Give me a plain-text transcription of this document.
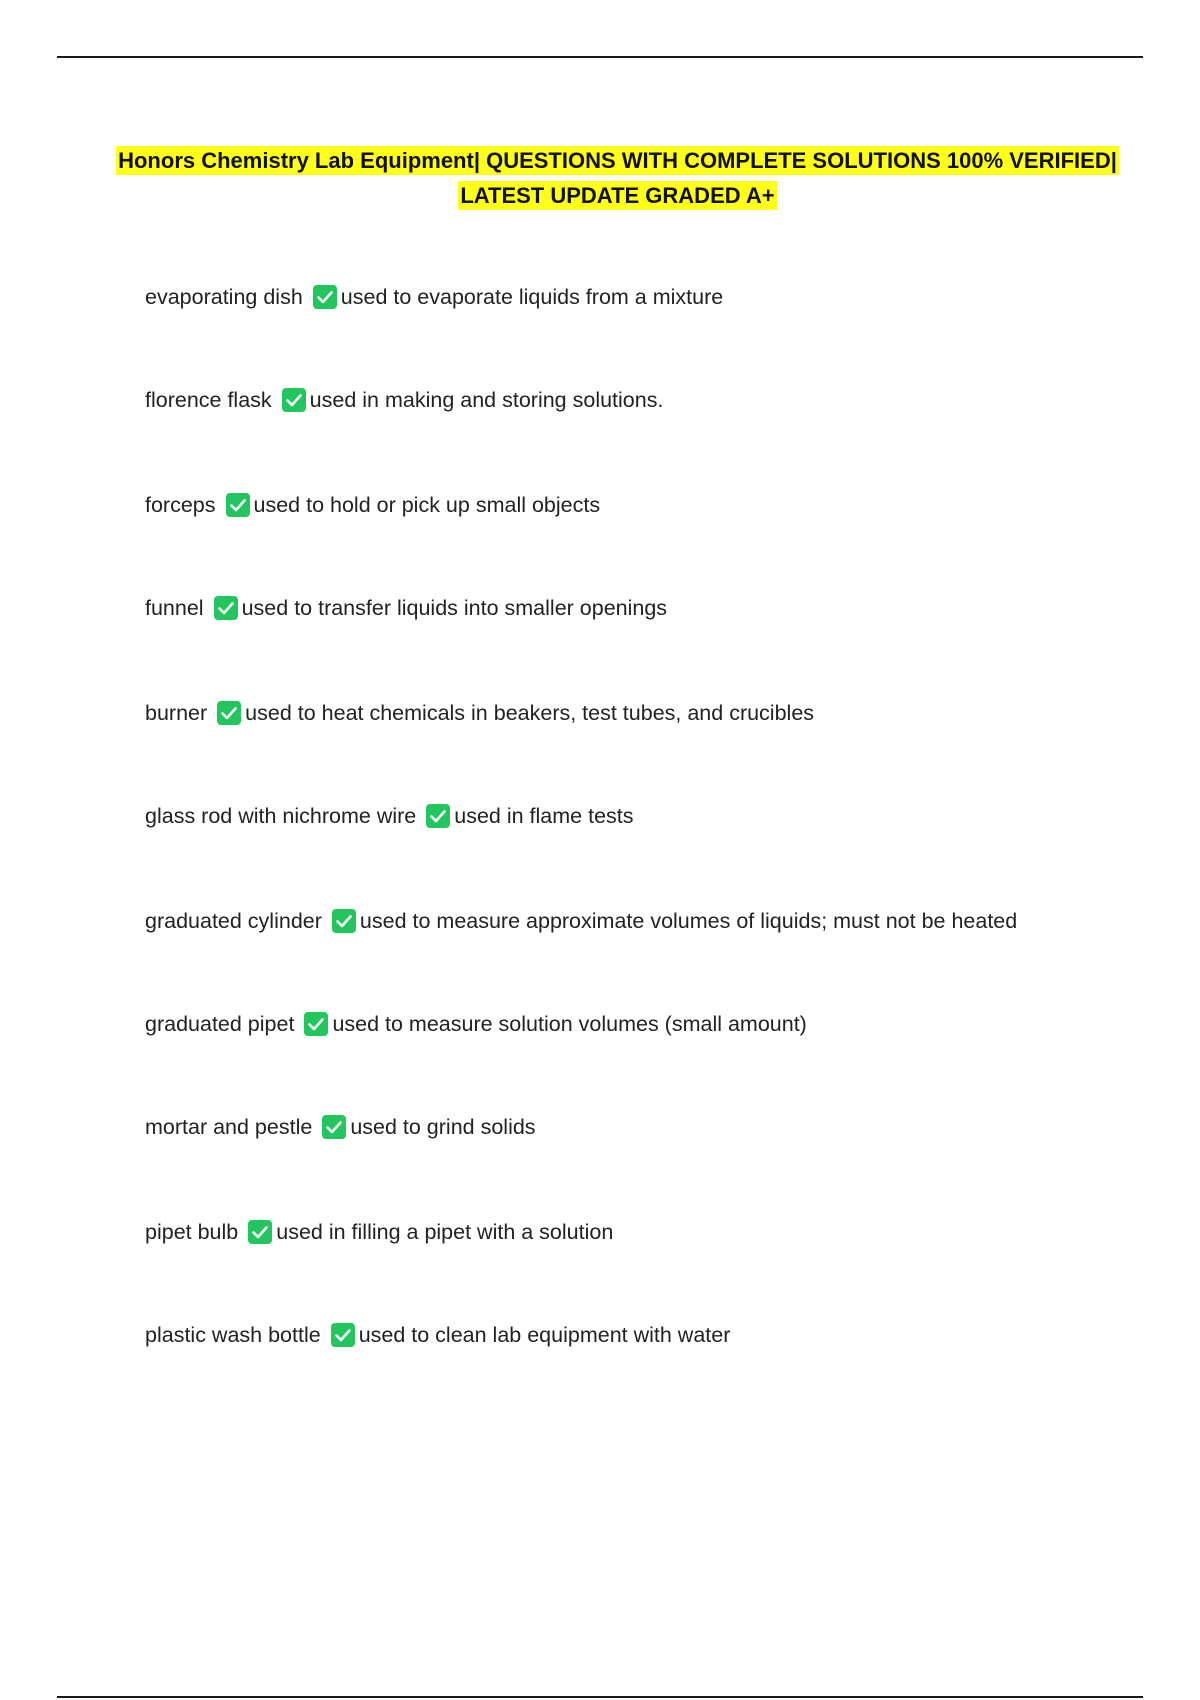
Honors Chemistry Lab Equipment| QUESTIONS WITH COMPLETE SOLUTIONS 100% VERIFIED|
LATEST UPDATE GRADED A+
evaporating dish used to evaporate liquids from a mixture
florence flask used in making and storing solutions.
forceps used to hold or pick up small objects
funnel used to transfer liquids into smaller openings
burner used to heat chemicals in beakers, test tubes, and crucibles
glass rod with nichrome wire used in flame tests
graduated cylinder used to measure approximate volumes of liquids; must not be heated
graduated pipet used to measure solution volumes (small amount)
mortar and pestle used to grind solids
pipet bulb used in filling a pipet with a solution
plastic wash bottle used to clean lab equipment with water
